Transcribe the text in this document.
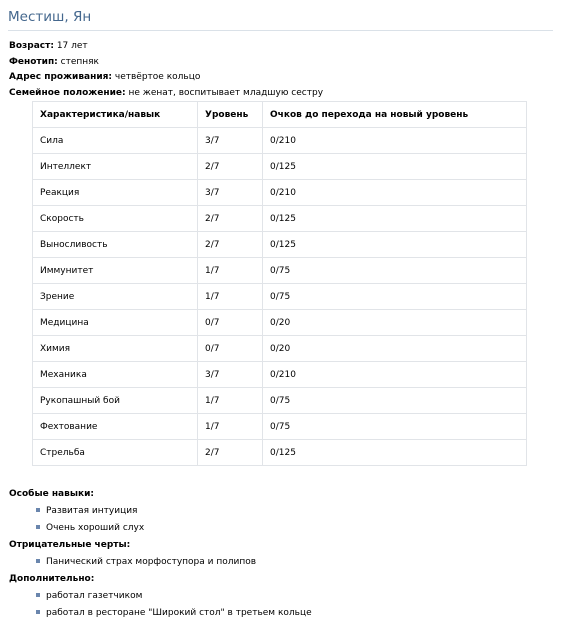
Местиш, Ян
Возраст: 17 лет
Фенотип: степняк
Адрес проживания: четвёртое кольцо
Семейное положение: не женат, воспитывает младшую сестру
Характеристика/навык	Уровень	Очков до перехода на новый уровень
Сила	3/7	0/210
Интеллект	2/7	0/125
Реакция	3/7	0/210
Скорость	2/7	0/125
Выносливость	2/7	0/125
Иммунитет	1/7	0/75
Зрение	1/7	0/75
Медицина	0/7	0/20
Химия	0/7	0/20
Механика	3/7	0/210
Рукопашный бой	1/7	0/75
Фехтование	1/7	0/75
Стрельба	2/7	0/125
Особые навыки:
Развитая интуиция
Очень хороший слух
Отрицательные черты:
Панический страх морфоступора и полипов
Дополнительно:
работал газетчиком
работал в ресторане "Широкий стол" в третьем кольце
